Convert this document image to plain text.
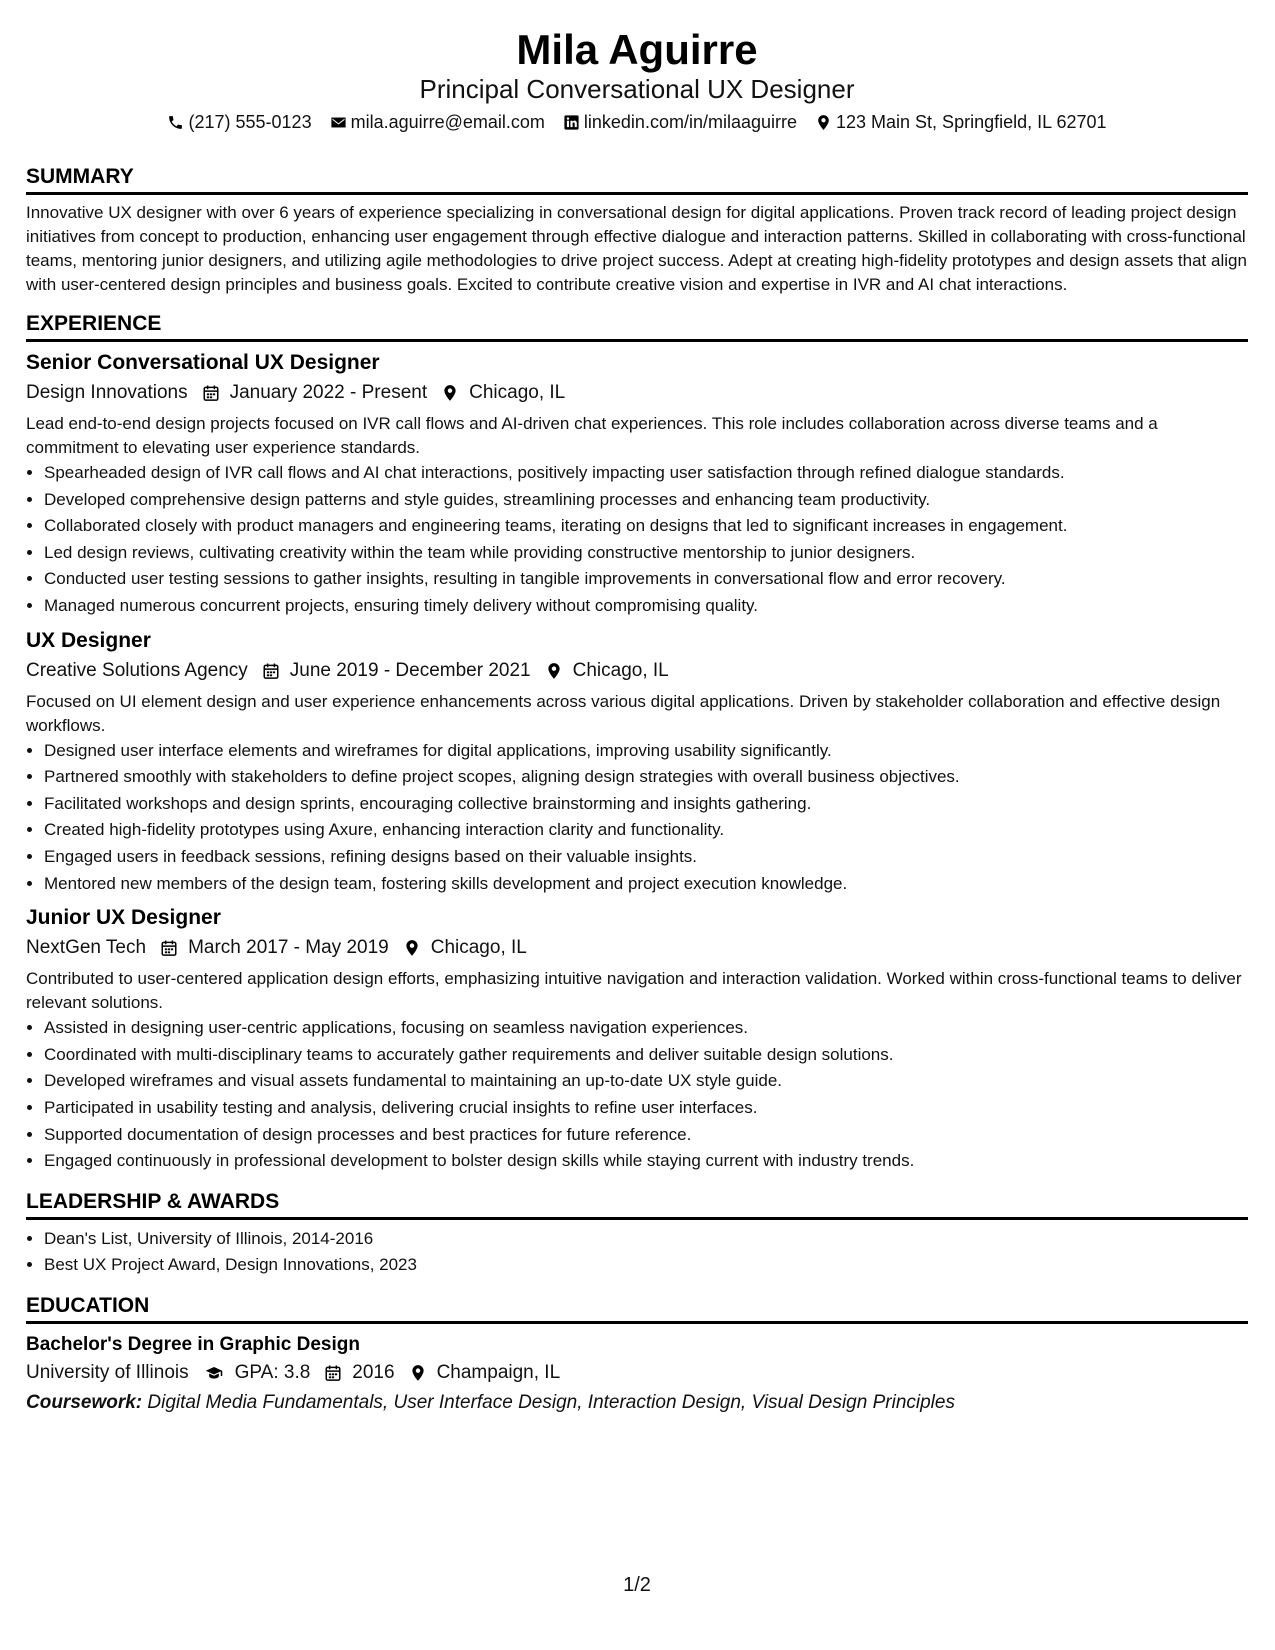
Mila Aguirre
Principal Conversational UX Designer
(217) 555-0123 mila.aguirre@email.com linkedin.com/in/milaaguirre 123 Main St, Springfield, IL 62701
SUMMARY
Innovative UX designer with over 6 years of experience specializing in conversational design for digital applications. Proven track record of leading project design initiatives from concept to production, enhancing user engagement through effective dialogue and interaction patterns. Skilled in collaborating with cross-functional teams, mentoring junior designers, and utilizing agile methodologies to drive project success. Adept at creating high-fidelity prototypes and design assets that align with user-centered design principles and business goals. Excited to contribute creative vision and expertise in IVR and AI chat interactions.
EXPERIENCE
Senior Conversational UX Designer
Design Innovations January 2022 - Present Chicago, IL
Lead end-to-end design projects focused on IVR call flows and AI-driven chat experiences. This role includes collaboration across diverse teams and a commitment to elevating user experience standards.
• Spearheaded design of IVR call flows and AI chat interactions, positively impacting user satisfaction through refined dialogue standards.
• Developed comprehensive design patterns and style guides, streamlining processes and enhancing team productivity.
• Collaborated closely with product managers and engineering teams, iterating on designs that led to significant increases in engagement.
• Led design reviews, cultivating creativity within the team while providing constructive mentorship to junior designers.
• Conducted user testing sessions to gather insights, resulting in tangible improvements in conversational flow and error recovery.
• Managed numerous concurrent projects, ensuring timely delivery without compromising quality.
UX Designer
Creative Solutions Agency June 2019 - December 2021 Chicago, IL
Focused on UI element design and user experience enhancements across various digital applications. Driven by stakeholder collaboration and effective design workflows.
• Designed user interface elements and wireframes for digital applications, improving usability significantly.
• Partnered smoothly with stakeholders to define project scopes, aligning design strategies with overall business objectives.
• Facilitated workshops and design sprints, encouraging collective brainstorming and insights gathering.
• Created high-fidelity prototypes using Axure, enhancing interaction clarity and functionality.
• Engaged users in feedback sessions, refining designs based on their valuable insights.
• Mentored new members of the design team, fostering skills development and project execution knowledge.
Junior UX Designer
NextGen Tech March 2017 - May 2019 Chicago, IL
Contributed to user-centered application design efforts, emphasizing intuitive navigation and interaction validation. Worked within cross-functional teams to deliver relevant solutions.
• Assisted in designing user-centric applications, focusing on seamless navigation experiences.
• Coordinated with multi-disciplinary teams to accurately gather requirements and deliver suitable design solutions.
• Developed wireframes and visual assets fundamental to maintaining an up-to-date UX style guide.
• Participated in usability testing and analysis, delivering crucial insights to refine user interfaces.
• Supported documentation of design processes and best practices for future reference.
• Engaged continuously in professional development to bolster design skills while staying current with industry trends.
LEADERSHIP & AWARDS
• Dean's List, University of Illinois, 2014-2016
• Best UX Project Award, Design Innovations, 2023
EDUCATION
Bachelor's Degree in Graphic Design
University of Illinois GPA: 3.8 2016 Champaign, IL
Coursework: Digital Media Fundamentals, User Interface Design, Interaction Design, Visual Design Principles
1/2
